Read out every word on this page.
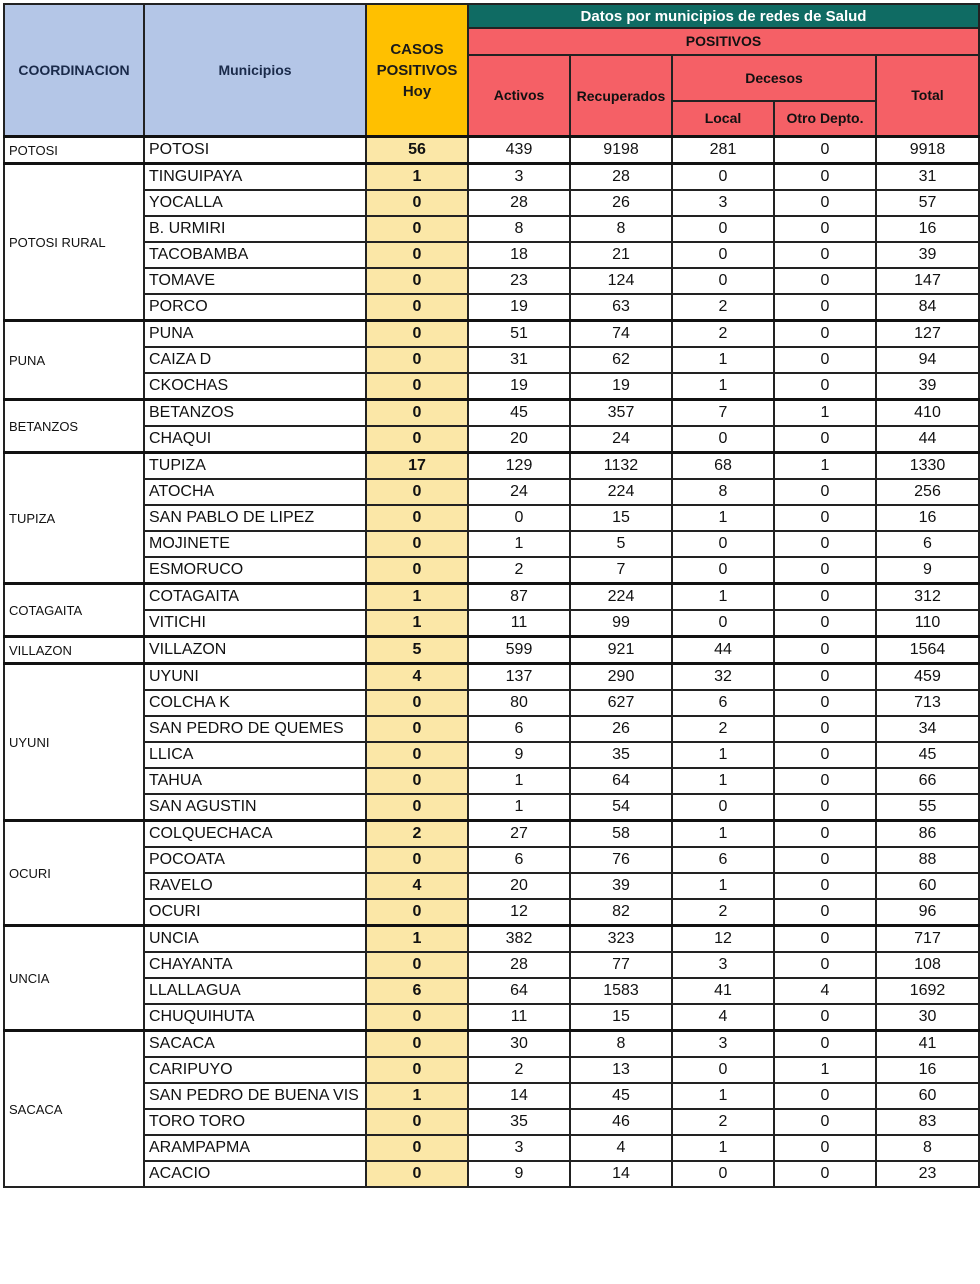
COORDINACION	Municipios	CASOS POSITIVOS Hoy	Datos por municipios de redes de Salud				
			POSITIVOS				
			Activos	Recuperados	Decesos		Total
					Local	Otro Depto.	
POTOSI	POTOSI	56	439	9198	281	0	9918
POTOSI RURAL	TINGUIPAYA	1	3	28	0	0	31
	YOCALLA	0	28	26	3	0	57
	B. URMIRI	0	8	8	0	0	16
	TACOBAMBA	0	18	21	0	0	39
	TOMAVE	0	23	124	0	0	147
	PORCO	0	19	63	2	0	84
PUNA	PUNA	0	51	74	2	0	127
	CAIZA D	0	31	62	1	0	94
	CKOCHAS	0	19	19	1	0	39
BETANZOS	BETANZOS	0	45	357	7	1	410
	CHAQUI	0	20	24	0	0	44
TUPIZA	TUPIZA	17	129	1132	68	1	1330
	ATOCHA	0	24	224	8	0	256
	SAN PABLO DE LIPEZ	0	0	15	1	0	16
	MOJINETE	0	1	5	0	0	6
	ESMORUCO	0	2	7	0	0	9
COTAGAITA	COTAGAITA	1	87	224	1	0	312
	VITICHI	1	11	99	0	0	110
VILLAZON	VILLAZON	5	599	921	44	0	1564
UYUNI	UYUNI	4	137	290	32	0	459
	COLCHA K	0	80	627	6	0	713
	SAN PEDRO DE QUEMES	0	6	26	2	0	34
	LLICA	0	9	35	1	0	45
	TAHUA	0	1	64	1	0	66
	SAN AGUSTIN	0	1	54	0	0	55
OCURI	COLQUECHACA	2	27	58	1	0	86
	POCOATA	0	6	76	6	0	88
	RAVELO	4	20	39	1	0	60
	OCURI	0	12	82	2	0	96
UNCIA	UNCIA	1	382	323	12	0	717
	CHAYANTA	0	28	77	3	0	108
	LLALLAGUA	6	64	1583	41	4	1692
	CHUQUIHUTA	0	11	15	4	0	30
SACACA	SACACA	0	30	8	3	0	41
	CARIPUYO	0	2	13	0	1	16
	SAN PEDRO DE BUENA VIS	1	14	45	1	0	60
	TORO TORO	0	35	46	2	0	83
	ARAMPAPMA	0	3	4	1	0	8
	ACACIO	0	9	14	0	0	23
